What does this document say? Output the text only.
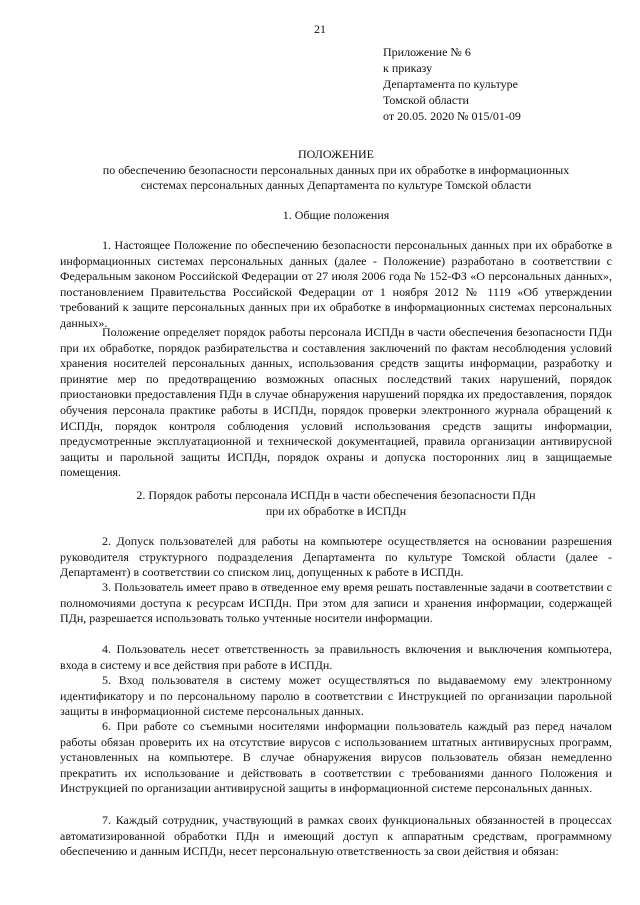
21
Приложение № 6
к приказу
Департамента по культуре
Томской области
от 20.05. 2020 № 015/01-09
ПОЛОЖЕНИЕ
по обеспечению безопасности персональных данных при их обработке в информационных
системах персональных данных Департамента по культуре Томской области
1. Общие положения
1. Настоящее Положение по обеспечению безопасности персональных данных при их обработке в информационных системах персональных данных (далее - Положение) разработано в соответствии с Федеральным законом Российской Федерации от 27 июля 2006 года № 152-ФЗ «О персональных данных», постановлением Правительства Российской Федерации от 1 ноября 2012 № 1119 «Об утверждении требований к защите персональных данных при их обработке в информационных системах персональных данных».
Положение определяет порядок работы персонала ИСПДн в части обеспечения безопасности ПДн при их обработке, порядок разбирательства и составления заключений по фактам несоблюдения условий хранения носителей персональных данных, использования средств защиты информации, разработку и принятие мер по предотвращению возможных опасных последствий таких нарушений, порядок приостановки предоставления ПДн в случае обнаружения нарушений порядка их предоставления, порядок обучения персонала практике работы в ИСПДн, порядок проверки электронного журнала обращений к ИСПДн, порядок контроля соблюдения условий использования средств защиты информации, предусмотренные эксплуатационной и технической документацией, правила организации антивирусной защиты и парольной защиты ИСПДн, порядок охраны и допуска посторонних лиц в защищаемые помещения.
2. Порядок работы персонала ИСПДн в части обеспечения безопасности ПДн
при их обработке в ИСПДн
2. Допуск пользователей для работы на компьютере осуществляется на основании разрешения руководителя структурного подразделения Департамента по культуре Томской области (далее - Департамент) в соответствии со списком лиц, допущенных к работе в ИСПДн.
3. Пользователь имеет право в отведенное ему время решать поставленные задачи в соответствии с полномочиями доступа к ресурсам ИСПДн. При этом для записи и хранения информации, содержащей ПДн, разрешается использовать только учтенные носители информации.
4. Пользователь несет ответственность за правильность включения и выключения компьютера, входа в систему и все действия при работе в ИСПДн.
5. Вход пользователя в систему может осуществляться по выдаваемому ему электронному идентификатору и по персональному паролю в соответствии с Инструкцией по организации парольной защиты в информационной системе персональных данных.
6. При работе со съемными носителями информации пользователь каждый раз перед началом работы обязан проверить их на отсутствие вирусов с использованием штатных антивирусных программ, установленных на компьютере. В случае обнаружения вирусов пользователь обязан немедленно прекратить их использование и действовать в соответствии с требованиями данного Положения и Инструкцией по организации антивирусной защиты в информационной системе персональных данных.
7. Каждый сотрудник, участвующий в рамках своих функциональных обязанностей в процессах автоматизированной обработки ПДн и имеющий доступ к аппаратным средствам, программному обеспечению и данным ИСПДн, несет персональную ответственность за свои действия и обязан:
